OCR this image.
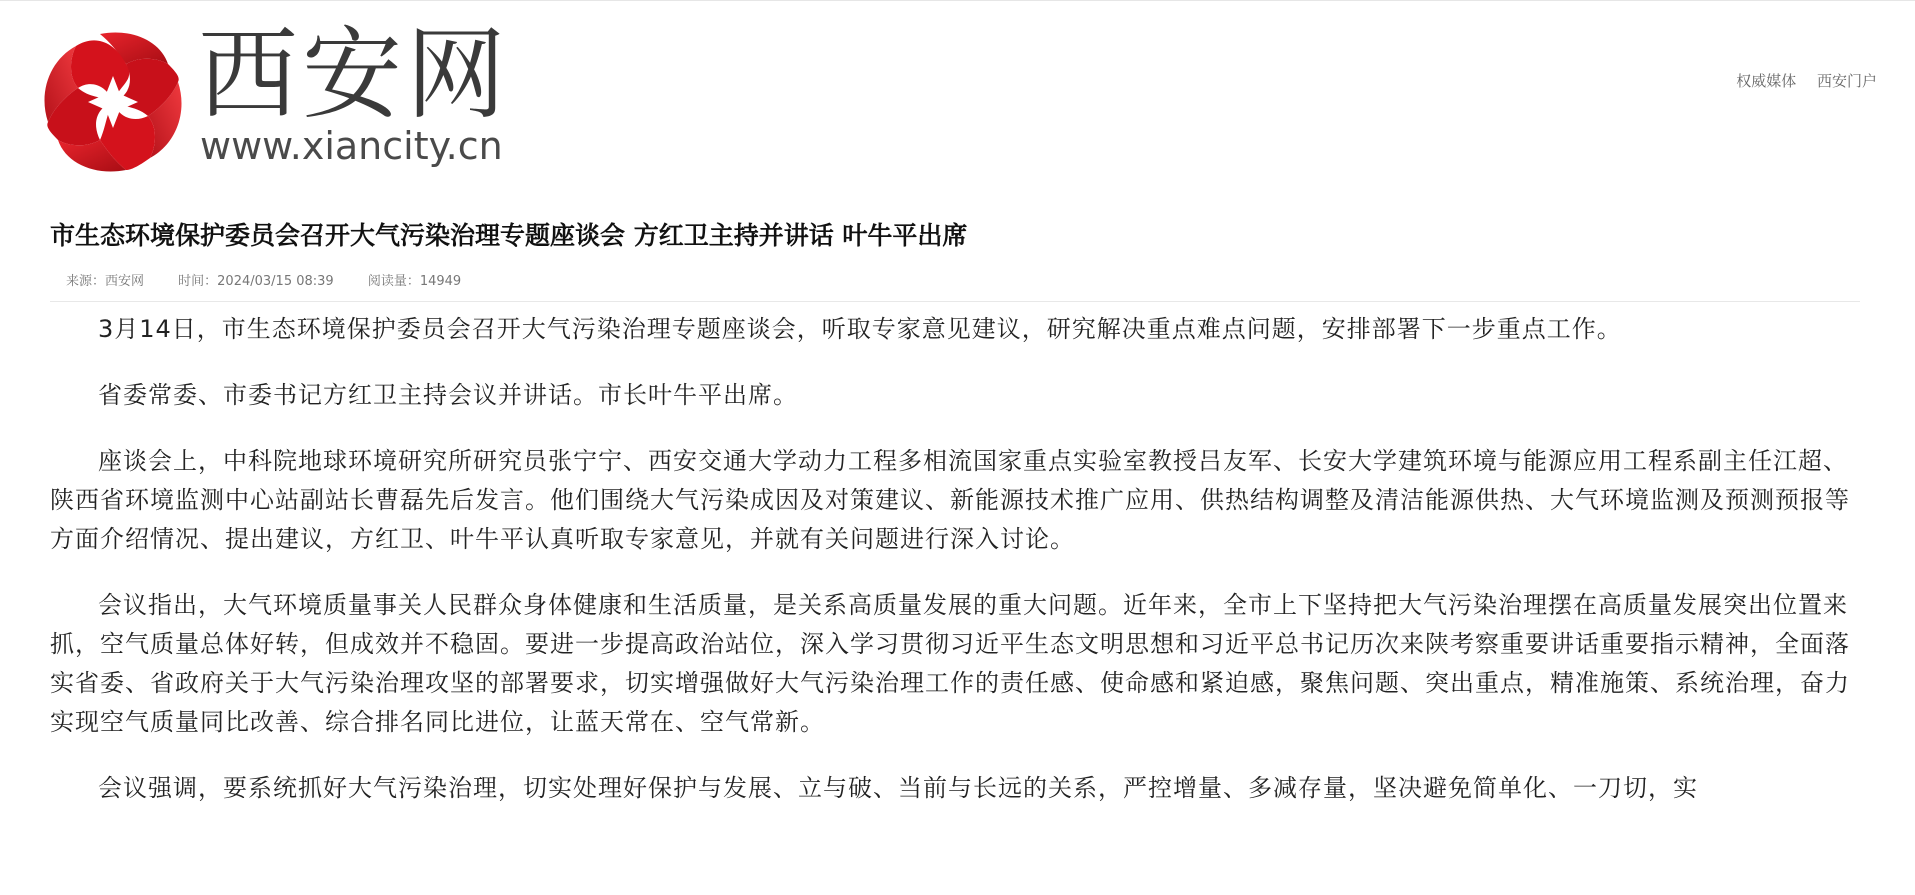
西安网
www.xiancity.cn
权威媒体 西安门户
市生态环境保护委员会召开大气污染治理专题座谈会 方红卫主持并讲话 叶牛平出席
来源：西安网	时间：2024/03/15 08:39	阅读量：14949

3月14日，市生态环境保护委员会召开大气污染治理专题座谈会，听取专家意见建议，研究解决重点难点问题，安排部署下一步重点工作。

省委常委、市委书记方红卫主持会议并讲话。市长叶牛平出席。

座谈会上，中科院地球环境研究所研究员张宁宁、西安交通大学动力工程多相流国家重点实验室教授吕友军、长安大学建筑环境与能源应用工程系副主任江超、陕西省环境监测中心站副站长曹磊先后发言。他们围绕大气污染成因及对策建议、新能源技术推广应用、供热结构调整及清洁能源供热、大气环境监测及预测预报等方面介绍情况、提出建议，方红卫、叶牛平认真听取专家意见，并就有关问题进行深入讨论。

会议指出，大气环境质量事关人民群众身体健康和生活质量，是关系高质量发展的重大问题。近年来，全市上下坚持把大气污染治理摆在高质量发展突出位置来抓，空气质量总体好转，但成效并不稳固。要进一步提高政治站位，深入学习贯彻习近平生态文明思想和习近平总书记历次来陕考察重要讲话重要指示精神，全面落实省委、省政府关于大气污染治理攻坚的部署要求，切实增强做好大气污染治理工作的责任感、使命感和紧迫感，聚焦问题、突出重点，精准施策、系统治理，奋力实现空气质量同比改善、综合排名同比进位，让蓝天常在、空气常新。

会议强调，要系统抓好大气污染治理，切实处理好保护与发展、立与破、当前与长远的关系，严控增量、多减存量，坚决避免简单化、一刀切，实
